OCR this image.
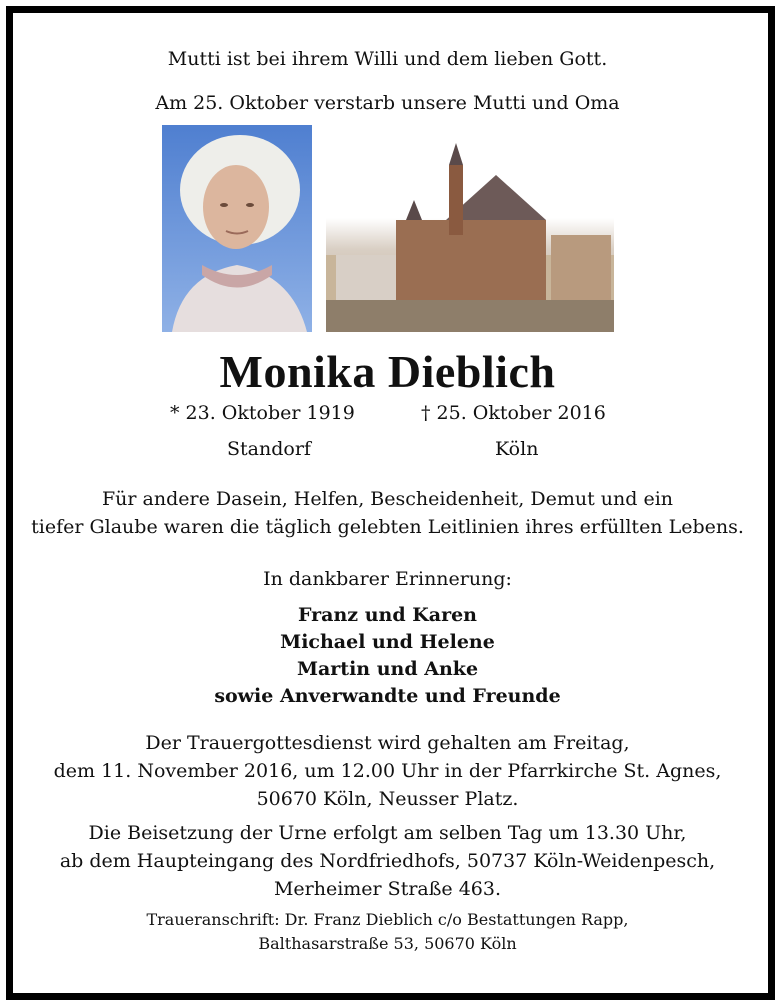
Mutti ist bei ihrem Willi und dem lieben Gott.
Am 25. Oktober verstarb unsere Mutti und Oma
Monika Dieblich
* 23. Oktober 1919	† 25. Oktober 2016
Standorf	Köln
Für andere Dasein, Helfen, Bescheidenheit, Demut und ein
tiefer Glaube waren die täglich gelebten Leitlinien ihres erfüllten Lebens.
In dankbarer Erinnerung:
Franz und Karen
Michael und Helene
Martin und Anke
sowie Anverwandte und Freunde
Der Trauergottesdienst wird gehalten am Freitag,
dem 11. November 2016, um 12.00 Uhr in der Pfarrkirche St. Agnes,
50670 Köln, Neusser Platz.
Die Beisetzung der Urne erfolgt am selben Tag um 13.30 Uhr,
ab dem Haupteingang des Nordfriedhofs, 50737 Köln-Weidenpesch,
Merheimer Straße 463.
Traueranschrift: Dr. Franz Dieblich c/o Bestattungen Rapp,
Balthasarstraße 53, 50670 Köln
